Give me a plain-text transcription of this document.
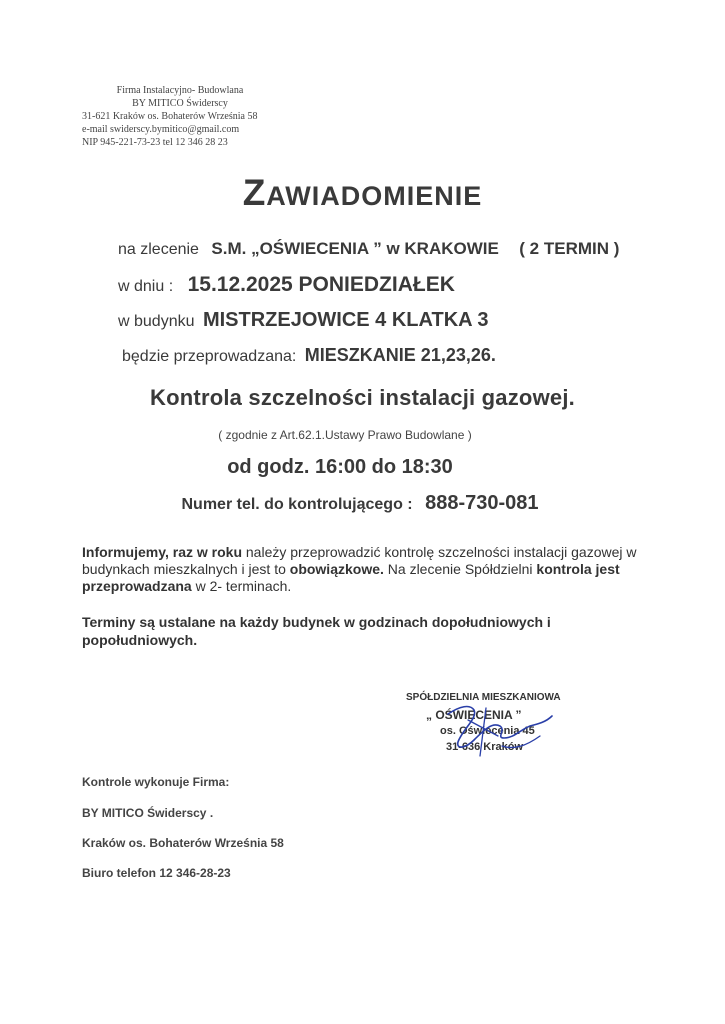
Firma Instalacyjno- Budowlana
BY MITICO Świderscy
31-621 Kraków os. Bohaterów Września 58
e-mail swiderscy.bymitico@gmail.com
NIP 945-221-73-23 tel 12 346 28 23
ZAWIADOMIENIE
na zlecenie S.M. „OŚWIECENIA ” w KRAKOWIE ( 2 TERMIN )
w dniu : 15.12.2025 PONIEDZIAŁEK
w budynku MISTRZEJOWICE 4 KLATKA 3
będzie przeprowadzana: MIESZKANIE 21,23,26.
Kontrola szczelności instalacji gazowej.
( zgodnie z Art.62.1.Ustawy Prawo Budowlane )
od godz. 16:00 do 18:30
Numer tel. do kontrolującego : 888-730-081
Informujemy, raz w roku należy przeprowadzić kontrolę szczelności instalacji gazowej w budynkach mieszkalnych i jest to obowiązkowe. Na zlecenie Spółdzielni kontrola jest przeprowadzana w 2- terminach.
Terminy są ustalane na każdy budynek w godzinach dopołudniowych i popołudniowych.
SPÓŁDZIELNIA MIESZKANIOWA
„ OŚWIECENIA ”
os. Oświecenia 45
31-636 Kraków
Kontrole wykonuje Firma:
BY MITICO Świderscy .
Kraków os. Bohaterów Września 58
Biuro telefon 12 346-28-23
